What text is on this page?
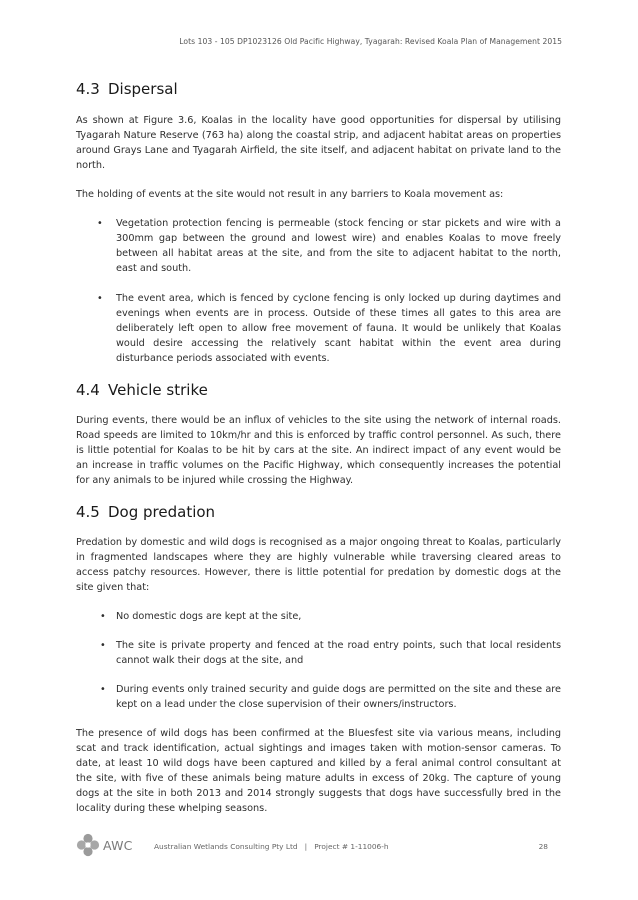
Lots 103 - 105 DP1023126 Old Pacific Highway, Tyagarah: Revised Koala Plan of Management 2015
4.3 Dispersal

As shown at Figure 3.6, Koalas in the locality have good opportunities for dispersal by utilising Tyagarah Nature Reserve (763 ha) along the coastal strip, and adjacent habitat areas on properties around Grays Lane and Tyagarah Airfield, the site itself, and adjacent habitat on private land to the north.

The holding of events at the site would not result in any barriers to Koala movement as:

• Vegetation protection fencing is permeable (stock fencing or star pickets and wire with a 300mm gap between the ground and lowest wire) and enables Koalas to move freely between all habitat areas at the site, and from the site to adjacent habitat to the north, east and south.
• The event area, which is fenced by cyclone fencing is only locked up during daytimes and evenings when events are in process. Outside of these times all gates to this area are deliberately left open to allow free movement of fauna. It would be unlikely that Koalas would desire accessing the relatively scant habitat within the event area during disturbance periods associated with events.
4.4 Vehicle strike

During events, there would be an influx of vehicles to the site using the network of internal roads. Road speeds are limited to 10km/hr and this is enforced by traffic control personnel. As such, there is little potential for Koalas to be hit by cars at the site. An indirect impact of any event would be an increase in traffic volumes on the Pacific Highway, which consequently increases the potential for any animals to be injured while crossing the Highway.

4.5 Dog predation

Predation by domestic and wild dogs is recognised as a major ongoing threat to Koalas, particularly in fragmented landscapes where they are highly vulnerable while traversing cleared areas to access patchy resources. However, there is little potential for predation by domestic dogs at the site given that:

• No domestic dogs are kept at the site,
• The site is private property and fenced at the road entry points, such that local residents cannot walk their dogs at the site, and
• During events only trained security and guide dogs are permitted on the site and these are kept on a lead under the close supervision of their owners/instructors.

The presence of wild dogs has been confirmed at the Bluesfest site via various means, including scat and track identification, actual sightings and images taken with motion-sensor cameras. To date, at least 10 wild dogs have been captured and killed by a feral animal control consultant at the site, with five of these animals being mature adults in excess of 20kg. The capture of young dogs at the site in both 2013 and 2014 strongly suggests that dogs have successfully bred in the locality during these whelping seasons.

AWC	Australian Wetlands Consulting Pty Ltd   |   Project # 1-11006-h	28
